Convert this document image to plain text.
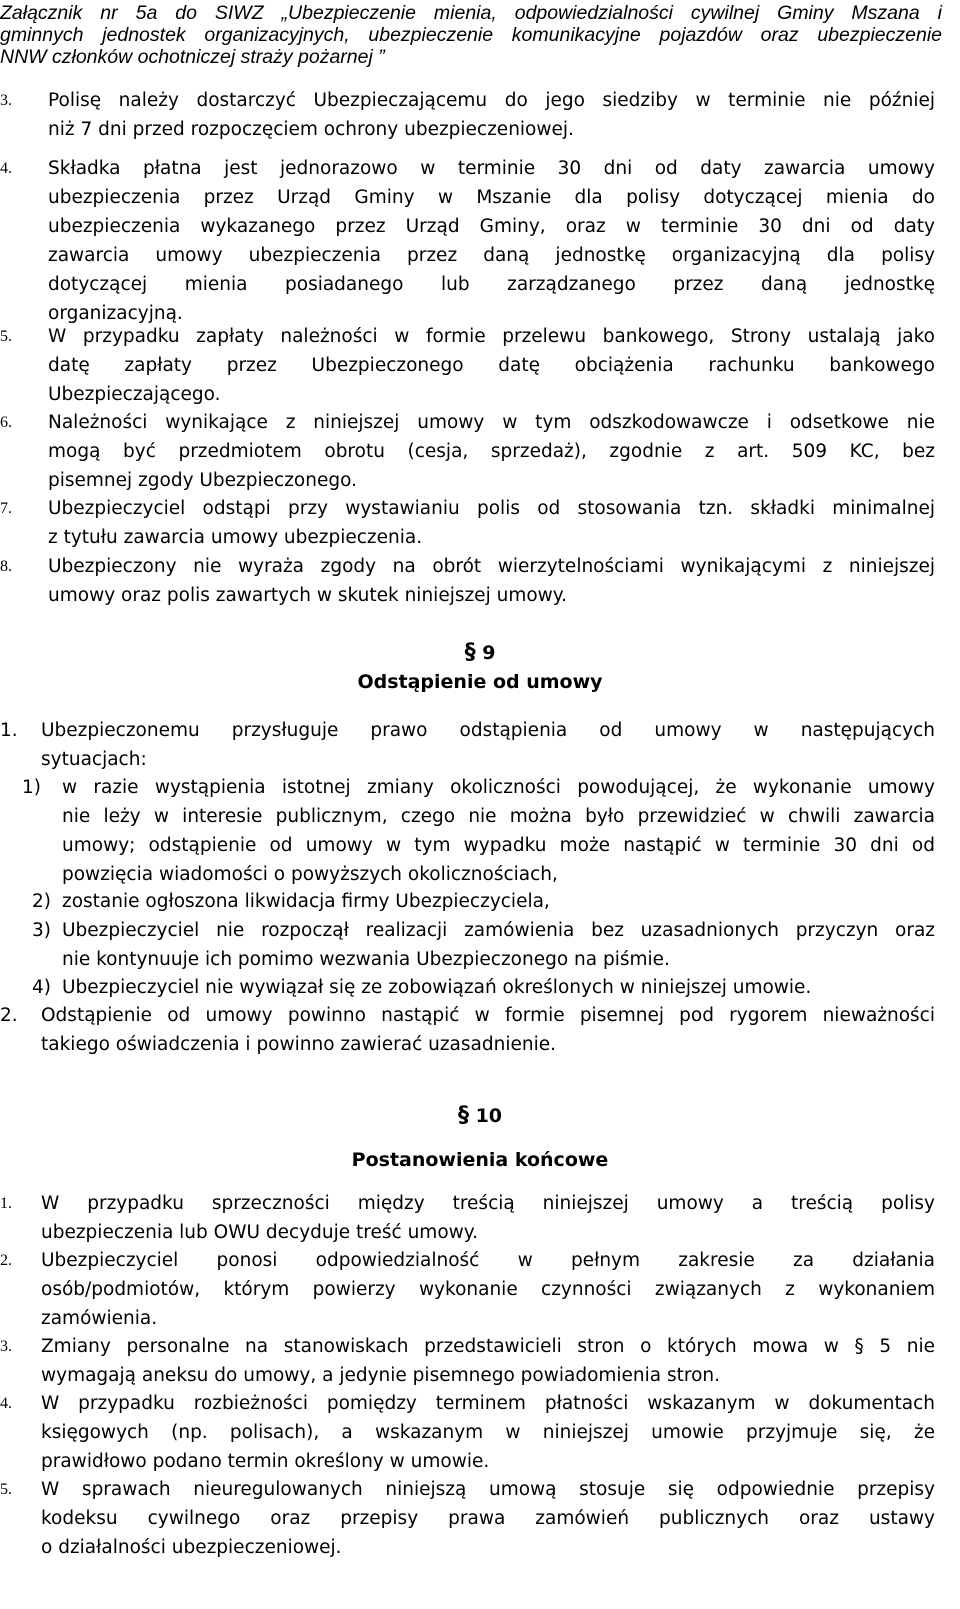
Załącznik nr 5a do SIWZ „Ubezpieczenie mienia, odpowiedzialności cywilnej Gminy Mszana i
gminnych jednostek organizacyjnych, ubezpieczenie komunikacyjne pojazdów oraz ubezpieczenie
NNW członków ochotniczej straży pożarnej ”
3. Polisę należy dostarczyć Ubezpieczającemu do jego siedziby w terminie nie później
niż 7 dni przed rozpoczęciem ochrony ubezpieczeniowej.
4. Składka płatna jest jednorazowo w terminie 30 dni od daty zawarcia umowy
ubezpieczenia przez Urząd Gminy w Mszanie dla polisy dotyczącej mienia do
ubezpieczenia wykazanego przez Urząd Gminy, oraz w terminie 30 dni od daty
zawarcia umowy ubezpieczenia przez daną jednostkę organizacyjną dla polisy
dotyczącej mienia posiadanego lub zarządzanego przez daną jednostkę
organizacyjną.
5. W przypadku zapłaty należności w formie przelewu bankowego, Strony ustalają jako
datę zapłaty przez Ubezpieczonego datę obciążenia rachunku bankowego
Ubezpieczającego.
6. Należności wynikające z niniejszej umowy w tym odszkodowawcze i odsetkowe nie
mogą być przedmiotem obrotu (cesja, sprzedaż), zgodnie z art. 509 KC, bez
pisemnej zgody Ubezpieczonego.
7. Ubezpieczyciel odstąpi przy wystawianiu polis od stosowania tzn. składki minimalnej
z tytułu zawarcia umowy ubezpieczenia.
8. Ubezpieczony nie wyraża zgody na obrót wierzytelnościami wynikającymi z niniejszej
umowy oraz polis zawartych w skutek niniejszej umowy.
§ 9
Odstąpienie od umowy
1. Ubezpieczonemu przysługuje prawo odstąpienia od umowy w następujących
sytuacjach:
1) w razie wystąpienia istotnej zmiany okoliczności powodującej, że wykonanie umowy
nie leży w interesie publicznym, czego nie można było przewidzieć w chwili zawarcia
umowy; odstąpienie od umowy w tym wypadku może nastąpić w terminie 30 dni od
powzięcia wiadomości o powyższych okolicznościach,
2) zostanie ogłoszona likwidacja firmy Ubezpieczyciela,
3) Ubezpieczyciel nie rozpoczął realizacji zamówienia bez uzasadnionych przyczyn oraz
nie kontynuuje ich pomimo wezwania Ubezpieczonego na piśmie.
4) Ubezpieczyciel nie wywiązał się ze zobowiązań określonych w niniejszej umowie.
2. Odstąpienie od umowy powinno nastąpić w formie pisemnej pod rygorem nieważności
takiego oświadczenia i powinno zawierać uzasadnienie.
§ 10
Postanowienia końcowe
1. W przypadku sprzeczności między treścią niniejszej umowy a treścią polisy
ubezpieczenia lub OWU decyduje treść umowy.
2. Ubezpieczyciel ponosi odpowiedzialność w pełnym zakresie za działania
osób/podmiotów, którym powierzy wykonanie czynności związanych z wykonaniem
zamówienia.
3. Zmiany personalne na stanowiskach przedstawicieli stron o których mowa w § 5 nie
wymagają aneksu do umowy, a jedynie pisemnego powiadomienia stron.
4. W przypadku rozbieżności pomiędzy terminem płatności wskazanym w dokumentach
księgowych (np. polisach), a wskazanym w niniejszej umowie przyjmuje się, że
prawidłowo podano termin określony w umowie.
5. W sprawach nieuregulowanych niniejszą umową stosuje się odpowiednie przepisy
kodeksu cywilnego oraz przepisy prawa zamówień publicznych oraz ustawy
o działalności ubezpieczeniowej.
